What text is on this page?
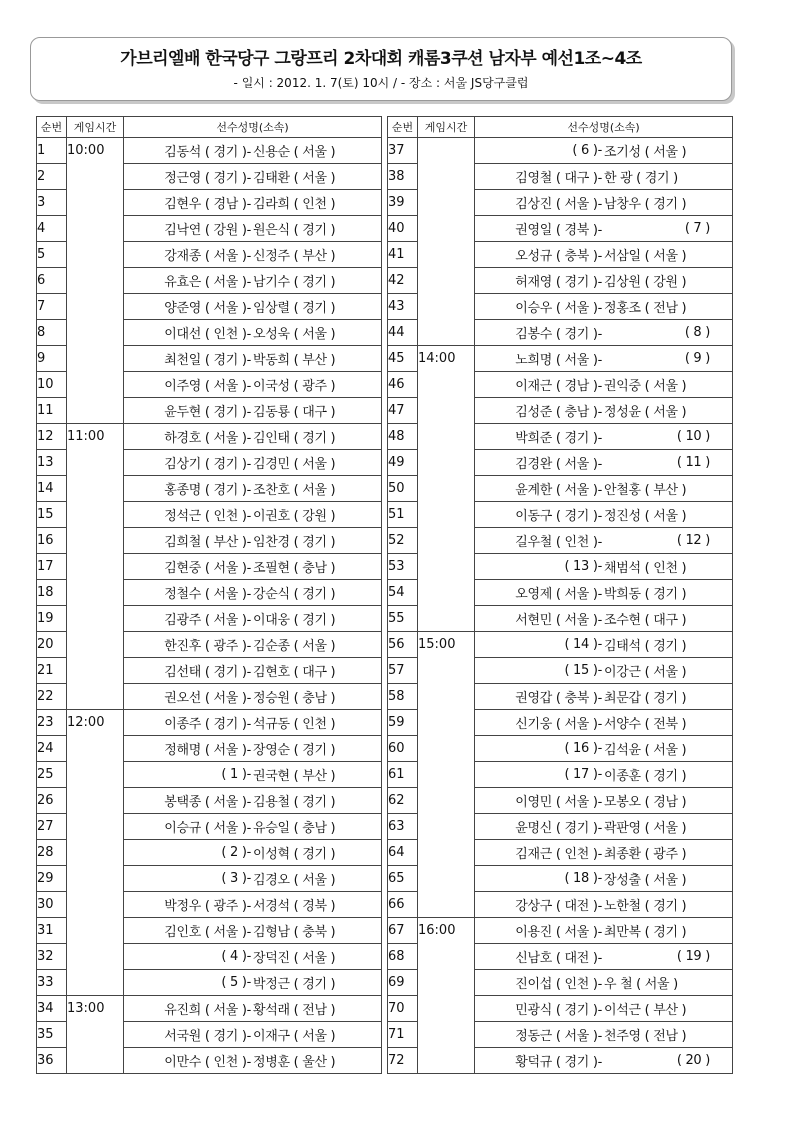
가브리엘배 한국당구 그랑프리 2차대회 캐롬3쿠션 남자부 예선1조~4조
- 일시 : 2012. 1. 7(토) 10시 / - 장소 : 서울 JS당구클럽
순번	게임시간	선수성명(소속)
1	10:00	김동석 ( 경기 )- 신용순 ( 서울 )

2		정근영 ( 경기 )- 김태환 ( 서울 )

3		김현우 ( 경남 )- 김라희 ( 인천 )

4		김낙연 ( 강원 )- 원은식 ( 경기 )

5		강재종 ( 서울 )- 신정주 ( 부산 )

6		유효은 ( 서울 )- 남기수 ( 경기 )

7		양준영 ( 서울 )- 임상렬 ( 경기 )

8		이대선 ( 인천 )- 오성욱 ( 서울 )

9		최천일 ( 경기 )- 박동희 ( 부산 )

10		이주영 ( 서울 )- 이국성 ( 광주 )

11		윤두현 ( 경기 )- 김동룡 ( 대구 )

12	11:00	하경호 ( 서울 )- 김인태 ( 경기 )

13		김상기 ( 경기 )- 김경민 ( 서울 )

14		홍종명 ( 경기 )- 조찬호 ( 서울 )

15		정석근 ( 인천 )- 이권호 ( 강원 )

16		김희철 ( 부산 )- 임찬경 ( 경기 )

17		김현중 ( 서울 )- 조필현 ( 충남 )

18		정철수 ( 서울 )- 강순식 ( 경기 )

19		김광주 ( 서울 )- 이대웅 ( 경기 )

20		한진후 ( 광주 )- 김순종 ( 서울 )

21		김선태 ( 경기 )- 김현호 ( 대구 )

22		권오선 ( 서울 )- 정승원 ( 충남 )

23	12:00	이종주 ( 경기 )- 석규동 ( 인천 )

24		정해명 ( 서울 )- 장영순 ( 경기 )

25		( 1 )- 권국현 ( 부산 )

26		봉택종 ( 서울 )- 김용철 ( 경기 )

27		이승규 ( 서울 )- 유승일 ( 충남 )

28		( 2 )- 이성혁 ( 경기 )

29		( 3 )- 김경오 ( 서울 )

30		박정우 ( 광주 )- 서경석 ( 경북 )

31		김인호 ( 서울 )- 김형남 ( 충북 )

32		( 4 )- 장덕진 ( 서울 )

33		( 5 )- 박정근 ( 경기 )

34	13:00	유진희 ( 서울 )- 황석래 ( 전남 )

35		서국원 ( 경기 )- 이재구 ( 서울 )

36		이만수 ( 인천 )- 정병훈 ( 울산 )
순번	게임시간	선수성명(소속)
37		( 6 )- 조기성 ( 서울 )

38		김영철 ( 대구 )- 한 광 ( 경기 )

39		김상진 ( 서울 )- 남창우 ( 경기 )

40		권영일 ( 경북 )- ( 7 )

41		오성규 ( 충북 )- 서삼일 ( 서울 )

42		허재영 ( 경기 )- 김상원 ( 강원 )

43		이승우 ( 서울 )- 정홍조 ( 전남 )

44		김봉수 ( 경기 )- ( 8 )

45	14:00	노희명 ( 서울 )- ( 9 )

46		이재근 ( 경남 )- 권익중 ( 서울 )

47		김성준 ( 충남 )- 정성윤 ( 서울 )

48		박희준 ( 경기 )- ( 10 )

49		김경완 ( 서울 )- ( 11 )

50		윤계한 ( 서울 )- 안철홍 ( 부산 )

51		이동구 ( 경기 )- 정진성 ( 서울 )

52		길우철 ( 인천 )- ( 12 )

53		( 13 )- 채범석 ( 인천 )

54		오영제 ( 서울 )- 박희동 ( 경기 )

55		서현민 ( 서울 )- 조수현 ( 대구 )

56	15:00	( 14 )- 김태석 ( 경기 )

57		( 15 )- 이강근 ( 서울 )

58		권영갑 ( 충북 )- 최문갑 ( 경기 )

59		신기웅 ( 서울 )- 서양수 ( 전북 )

60		( 16 )- 김석윤 ( 서울 )

61		( 17 )- 이종훈 ( 경기 )

62		이영민 ( 서울 )- 모봉오 ( 경남 )

63		윤명신 ( 경기 )- 곽판영 ( 서울 )

64		김재근 ( 인천 )- 최종환 ( 광주 )

65		( 18 )- 장성출 ( 서울 )

66		강상구 ( 대전 )- 노한철 ( 경기 )

67	16:00	이용진 ( 서울 )- 최만복 ( 경기 )

68		신남호 ( 대전 )- ( 19 )

69		진이섭 ( 인천 )- 우 철 ( 서울 )

70		민광식 ( 경기 )- 이석근 ( 부산 )

71		정동근 ( 서울 )- 천주영 ( 전남 )

72		황덕규 ( 경기 )- ( 20 )
